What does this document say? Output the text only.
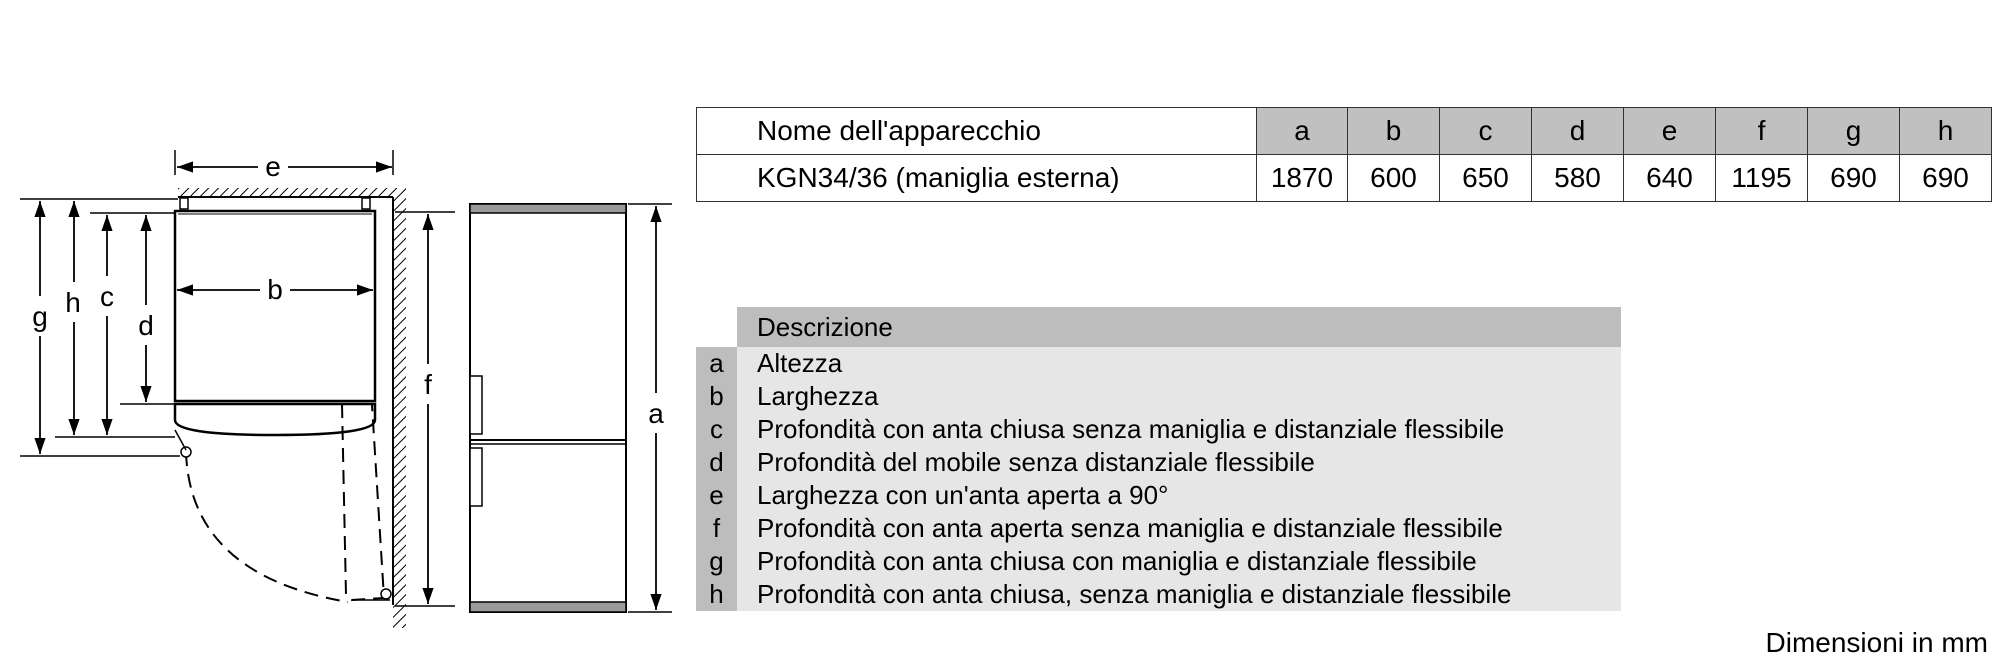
e
b
g h c
d
f
a
Nome dell'apparecchio	a	b	c	d	e	f	g	h
KGN34/36 (maniglia esterna)	1870	600	650	580	640	1195	690	690
Descrizione
a	Altezza
b	Larghezza
c	Profondità con anta chiusa senza maniglia e distanziale flessibile
d	Profondità del mobile senza distanziale flessibile
e	Larghezza con un'anta aperta a 90°
f	Profondità con anta aperta senza maniglia e distanziale flessibile
g	Profondità con anta chiusa con maniglia e distanziale flessibile
h	Profondità con anta chiusa, senza maniglia e distanziale flessibile
Dimensioni in mm
